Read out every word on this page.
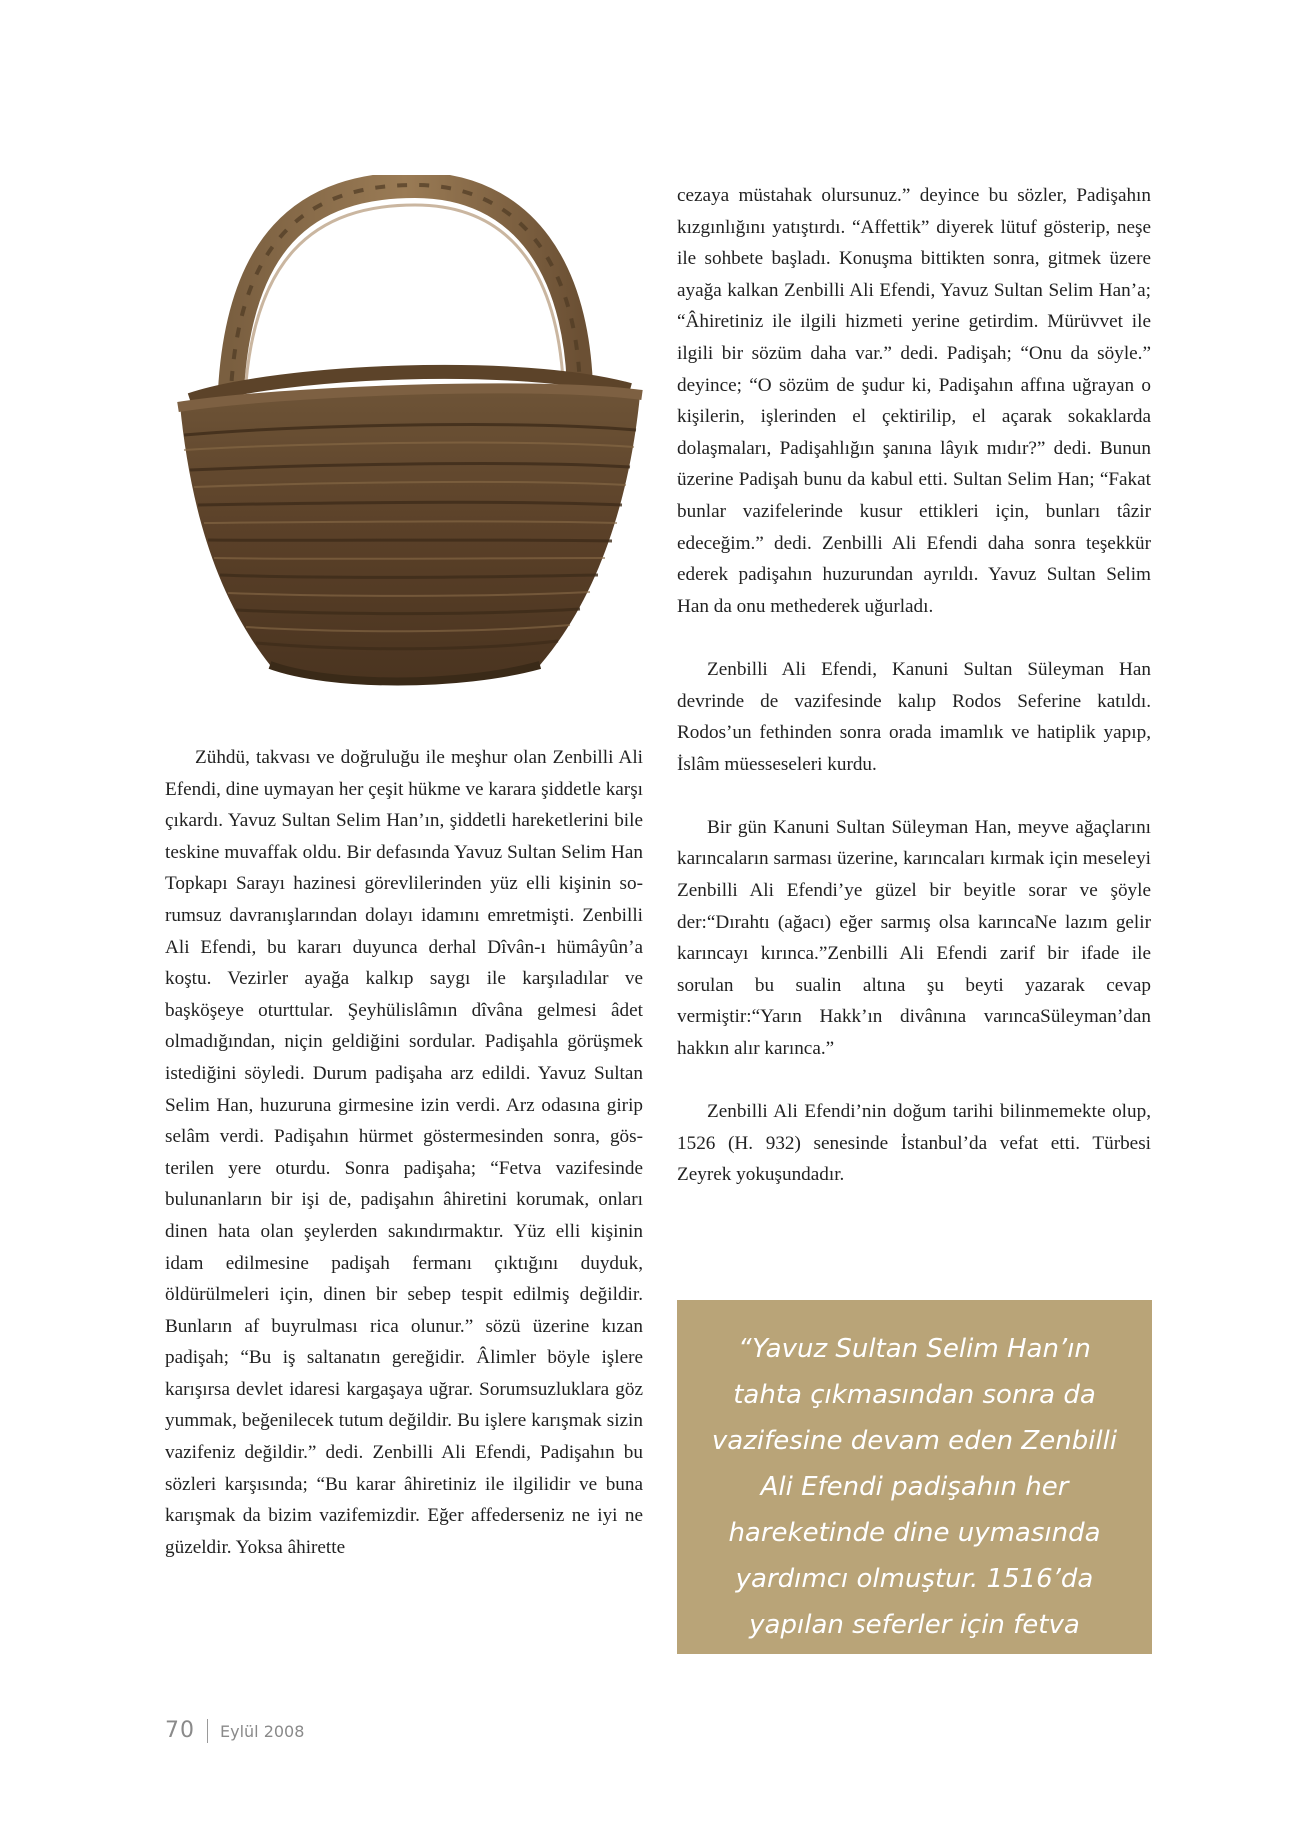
Zühdü, takvası ve doğruluğu ile meşhur olan Zenbilli Ali Efendi, dine uymayan her çeşit hükme ve karara şiddetle karşı çıkardı. Yavuz Sultan Selim Han’ın, şiddetli hareketlerini bile teskine muvaffak oldu. Bir defasında Yavuz Sultan Selim Han Topkapı Sarayı hazinesi görevlilerinden yüz elli kişinin sorumsuz davranışlarından dolayı idamını emretmişti. Zenbilli Ali Efendi, bu kararı duyunca derhal Dîvân-ı hümâyûn’a koştu. Vezirler ayağa kalkıp saygı ile karşıladılar ve başköşeye oturttular. Şeyhülislâmın dîvâna gelmesi âdet olmadığından, niçin geldiğini sordular. Padişahla görüşmek istediğini söyledi. Durum padişaha arz edildi. Yavuz Sultan Selim Han, huzuruna girmesine izin verdi. Arz odasına girip selâm verdi. Padişahın hürmet göstermesinden sonra, gösterilen yere oturdu. Sonra padişaha; “Fetva vazifesinde bulunanların bir işi de, padişahın âhiretini korumak, onları dinen hata olan şeylerden sakındırmaktır. Yüz elli kişinin idam edilmesine padişah fermanı çıktığını duyduk, öldürülmeleri için, dinen bir sebep tespit edilmiş değildir. Bunların af buyrulması rica olunur.” sözü üzerine kızan padişah; “Bu iş saltanatın gereğidir. Âlimler böyle işlere karışırsa devlet idaresi kargaşaya uğrar. Sorumsuzluklara göz yummak, beğenilecek tutum değildir. Bu işlere karışmak sizin vazifeniz değildir.” dedi. Zenbilli Ali Efendi, Padişahın bu sözleri karşısında; “Bu karar âhiretiniz ile ilgilidir ve buna karışmak da bizim vazifemizdir. Eğer affederseniz ne iyi ne güzeldir. Yoksa âhirette

cezaya müstahak olursunuz.” deyince bu sözler, Padişahın kızgınlığını yatıştırdı. “Affettik” diyerek lütuf gösterip, neşe ile sohbete başladı. Konuşma bittikten sonra, gitmek üzere ayağa kalkan Zenbilli Ali Efendi, Yavuz Sultan Selim Han’a; “Âhiretiniz ile ilgili hizmeti yerine getirdim. Mürüvvet ile ilgili bir sözüm daha var.” dedi. Padişah; “Onu da söyle.” deyince; “O sözüm de şudur ki, Padişahın affına uğrayan o kişilerin, işlerinden el çektirilip, el açarak sokaklarda dolaşmaları, Padişahlığın şanına lâyık mıdır?” dedi. Bunun üzerine Padişah bunu da kabul etti. Sultan Selim Han; “Fakat bunlar vazifelerinde kusur ettikleri için, bunları tâzir edeceğim.” dedi. Zenbilli Ali Efendi daha sonra teşekkür ederek padişahın huzurundan ayrıldı. Yavuz Sultan Selim Han da onu methederek uğurladı.

Zenbilli Ali Efendi, Kanuni Sultan Süleyman Han devrinde de vazifesinde kalıp Rodos Seferine katıldı. Rodos’un fethinden sonra orada imamlık ve hatiplik yapıp, İslâm müesseseleri kurdu.

Bir gün Kanuni Sultan Süleyman Han, meyve ağaçlarını karıncaların sarması üzerine, karıncaları kırmak için meseleyi Zenbilli Ali Efendi’ye güzel bir beyitle sorar ve şöyle der:“Dırahtı (ağacı) eğer sarmış olsa karıncaNe lazım gelir karıncayı kırınca.”Zenbilli Ali Efendi zarif bir ifade ile sorulan bu sualin altına şu beyti yazarak cevap vermiştir:“Yarın Hakk’ın divânına varıncaSüleyman’dan hakkın alır karınca.”

Zenbilli Ali Efendi’nin doğum tarihi bilinmemekte olup, 1526 (H. 932) senesinde İstanbul’da vefat etti. Türbesi Zeyrek yokuşundadır.

“Yavuz Sultan Selim Han’ın tahta çıkmasından sonra da vazifesine devam eden Zenbilli Ali Efendi padişahın her hareketinde dine uymasında yardımcı olmuştur. 1516’da yapılan seferler için fetva vermiştir.”
70 Eylül 2008
